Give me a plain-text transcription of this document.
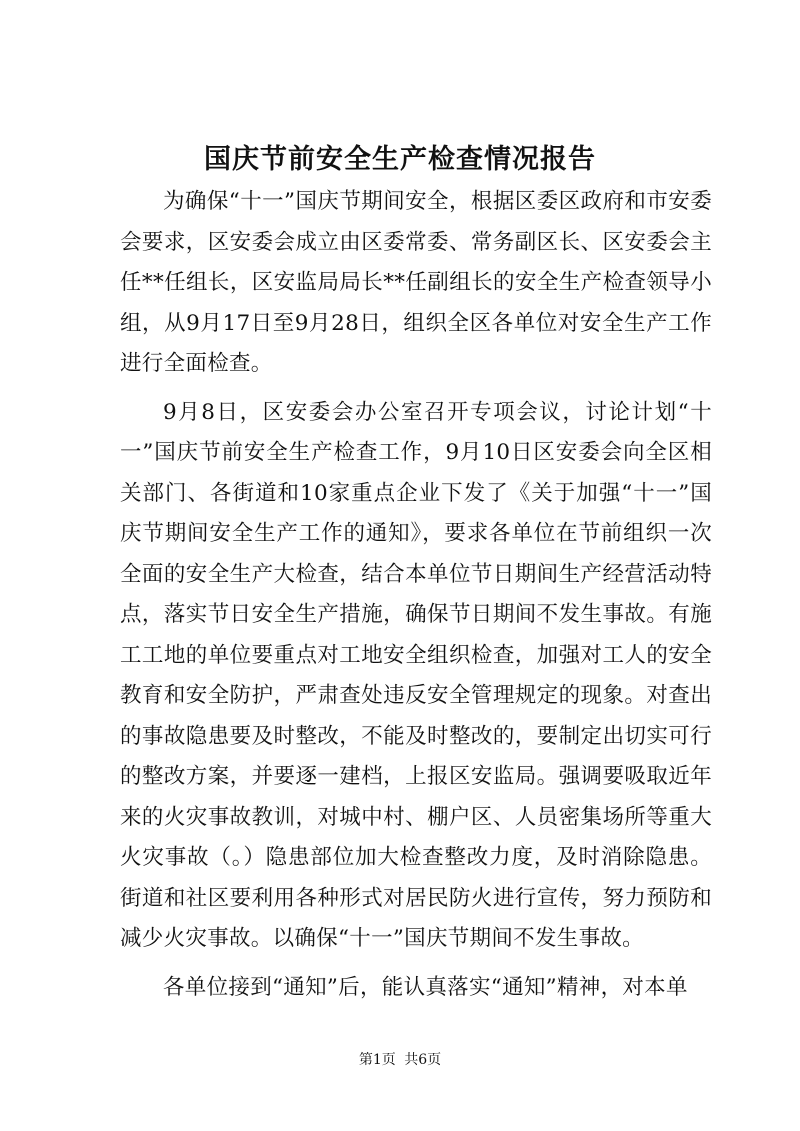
国庆节前安全生产检查情况报告

为确保“十一”国庆节期间安全，根据区委区政府和市安委会要求，区安委会成立由区委常委、常务副区长、区安委会主任**任组长，区安监局局长**任副组长的安全生产检查领导小组，从9月17日至9月28日，组织全区各单位对安全生产工作进行全面检查。

9月8日，区安委会办公室召开专项会议，讨论计划“十一”国庆节前安全生产检查工作，9月10日区安委会向全区相关部门、各街道和10家重点企业下发了《关于加强“十一”国庆节期间安全生产工作的通知》，要求各单位在节前组织一次全面的安全生产大检查，结合本单位节日期间生产经营活动特点，落实节日安全生产措施，确保节日期间不发生事故。有施工工地的单位要重点对工地安全组织检查，加强对工人的安全教育和安全防护，严肃查处违反安全管理规定的现象。对查出的事故隐患要及时整改，不能及时整改的，要制定出切实可行的整改方案，并要逐一建档，上报区安监局。强调要吸取近年来的火灾事故教训，对城中村、棚户区、人员密集场所等重大火灾事故（。）隐患部位加大检查整改力度，及时消除隐患。街道和社区要利用各种形式对居民防火进行宣传，努力预防和减少火灾事故。以确保“十一”国庆节期间不发生事故。

各单位接到“通知”后，能认真落实“通知”精神，对本单

第1页 共6页
